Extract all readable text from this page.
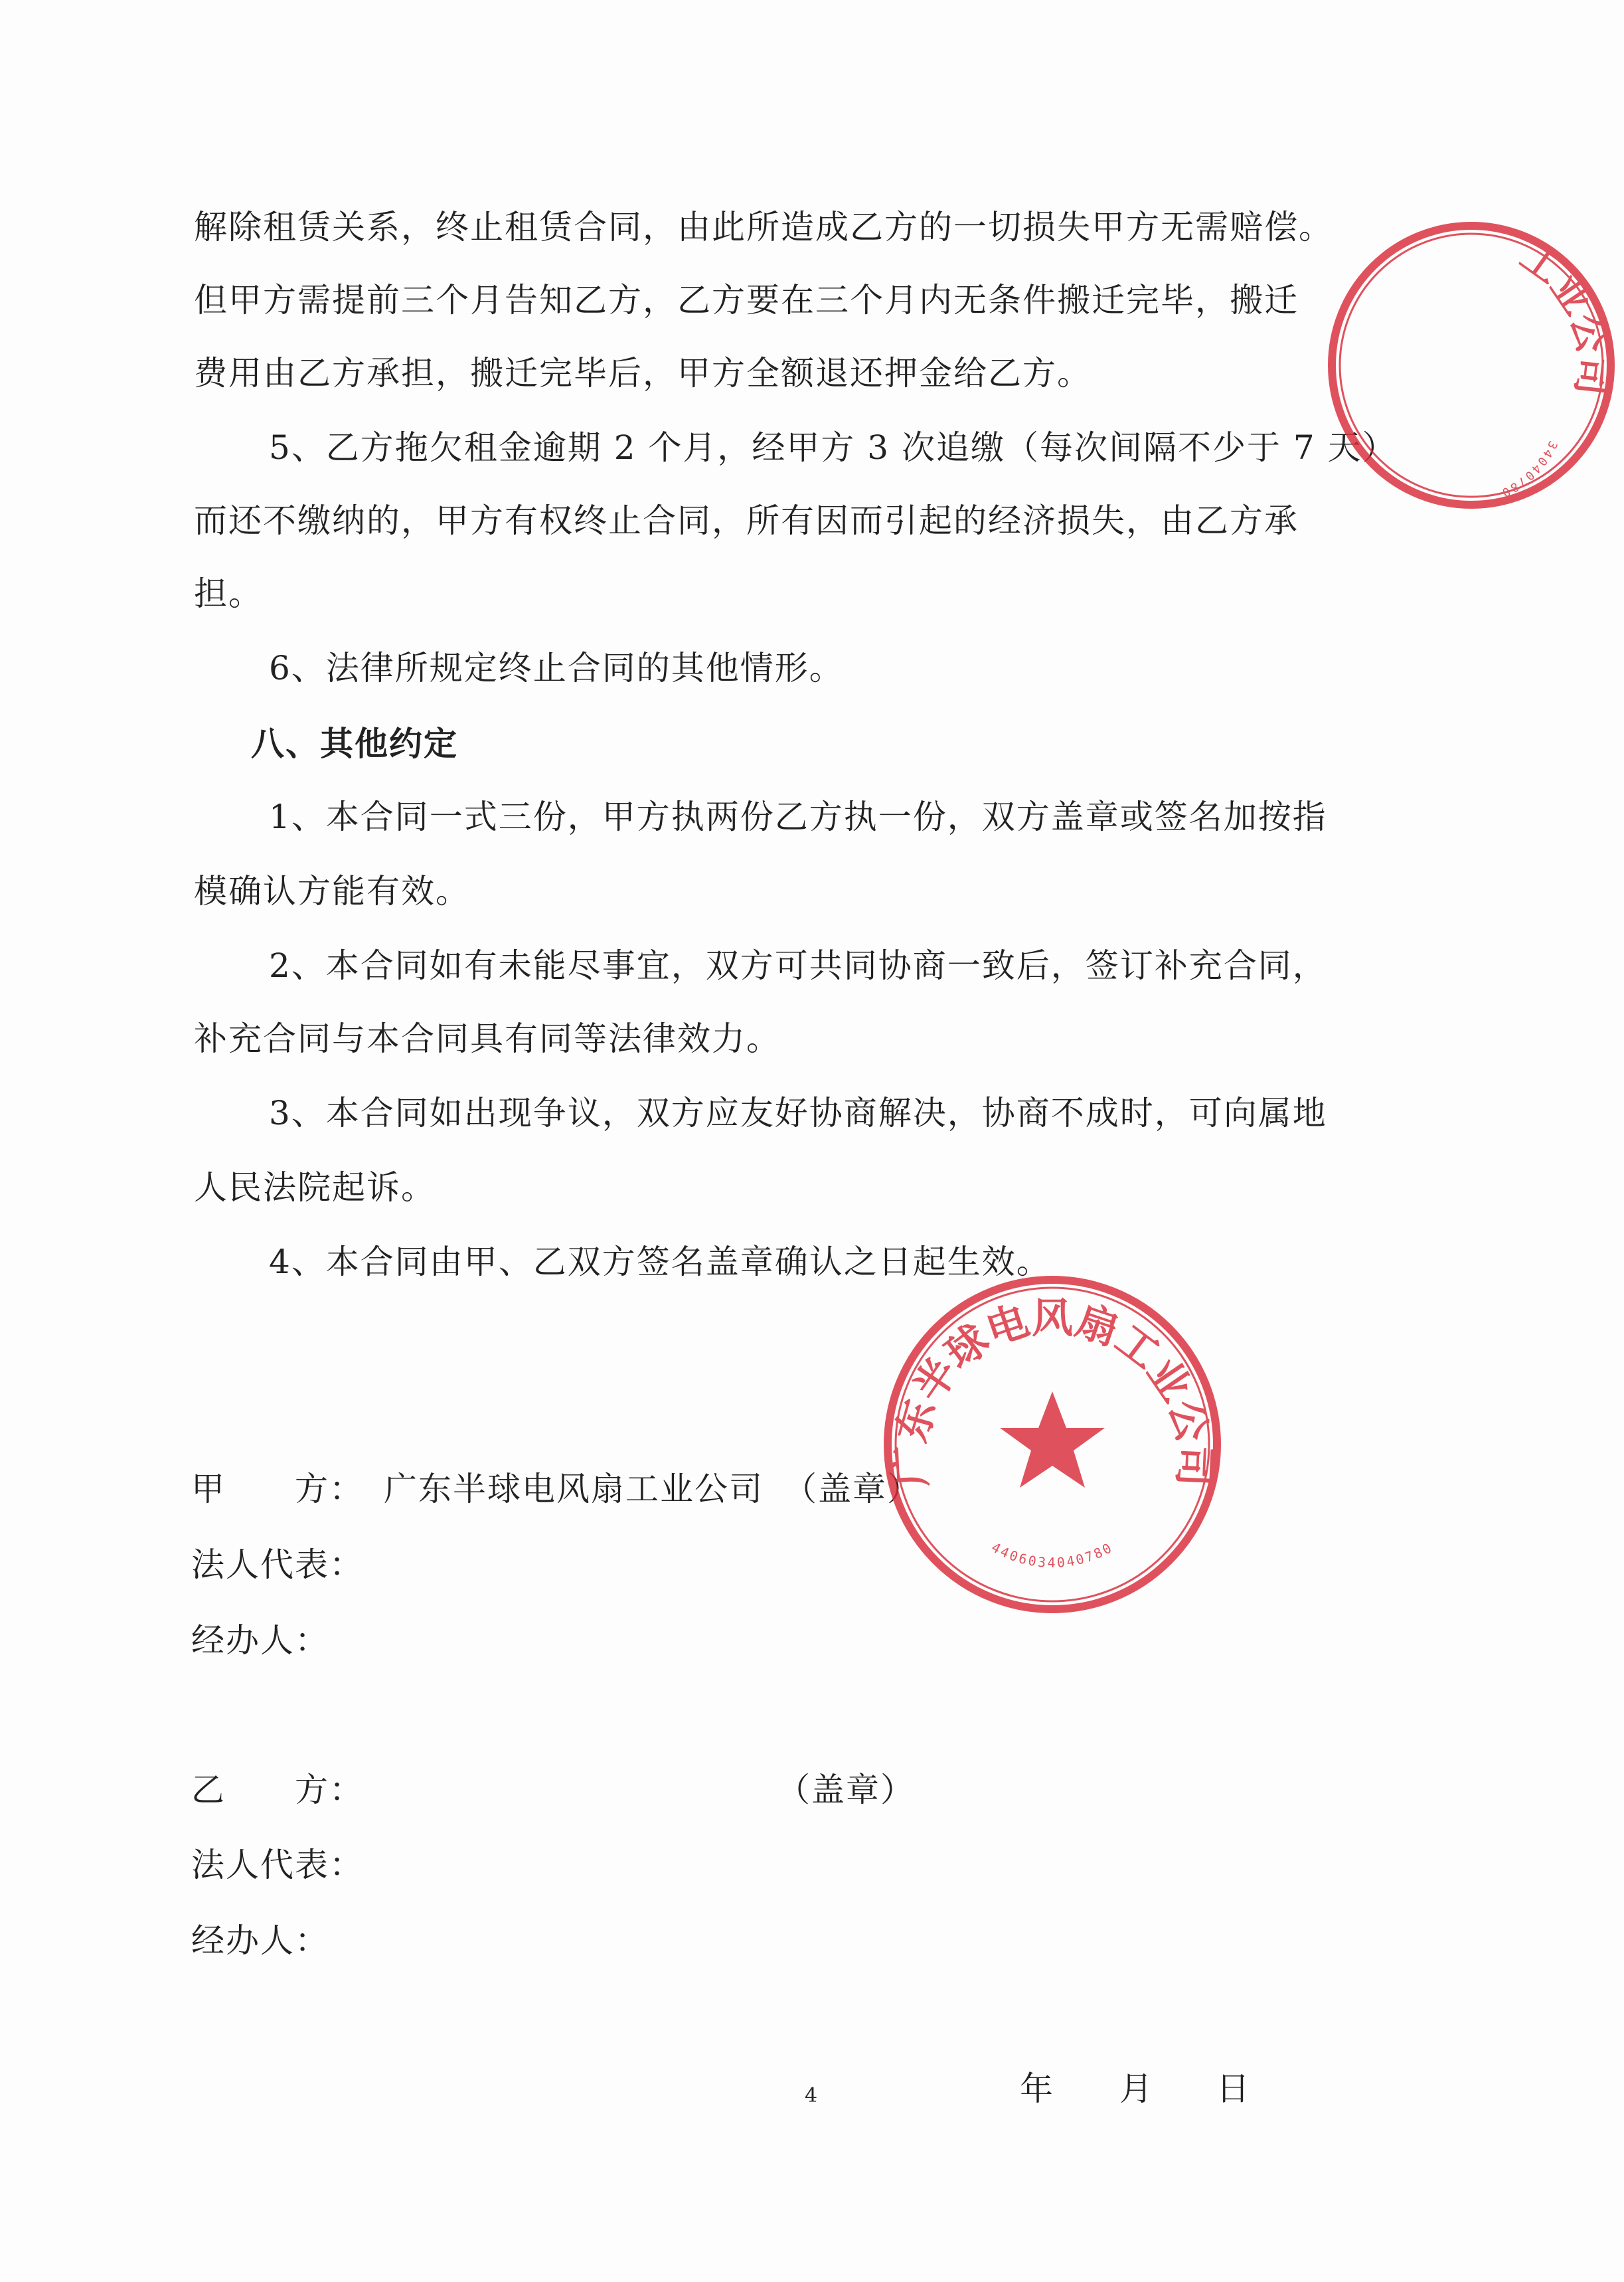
解除租赁关系，终止租赁合同，由此所造成乙方的一切损失甲方无需赔偿。
但甲方需提前三个月告知乙方，乙方要在三个月内无条件搬迁完毕，搬迁
费用由乙方承担，搬迁完毕后，甲方全额退还押金给乙方。
5、乙方拖欠租金逾期 2 个月，经甲方 3 次追缴（每次间隔不少于 7 天）
而还不缴纳的，甲方有权终止合同，所有因而引起的经济损失，由乙方承
担。
6、法律所规定终止合同的其他情形。
八、其他约定
1、本合同一式三份，甲方执两份乙方执一份，双方盖章或签名加按指
模确认方能有效。
2、本合同如有未能尽事宜，双方可共同协商一致后，签订补充合同，
补充合同与本合同具有同等法律效力。
3、本合同如出现争议，双方应友好协商解决，协商不成时，可向属地
人民法院起诉。
4、本合同由甲、乙双方签名盖章确认之日起生效。
甲　　方： 广东半球电风扇工业公司 （盖章）
法人代表：
经办人：
乙　　方：	（盖章）
法人代表：
经办人：
年 月 日
4
广东半球电风扇工业公司
4406034040780
工业公司
34040780
